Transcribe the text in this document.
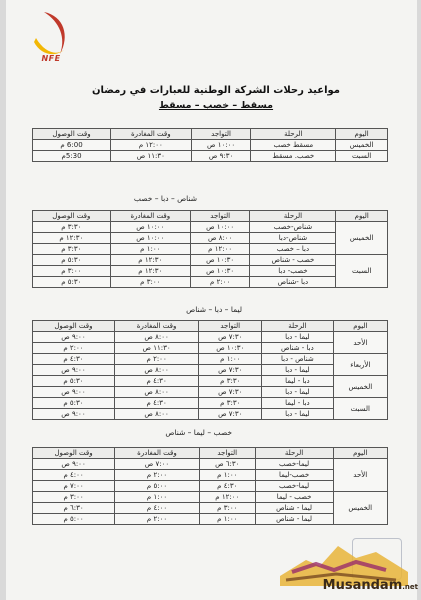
NFE
مواعيد رحلات الشركة الوطنية للعبارات في رمضان
مسقط – خصب – مسقط
شناص – دبا – خصب
ليما – دبا – شناص
خصب – ليما – شناص
اليوم	الرحلة	التواجد	وقت المغادرة	وقت الوصول
الخميس	مسقط خصب	١٠:٠٠ ص	١٢:٠٠ م	6:00 م
السبت	خصب. مسقط	٩:٣٠ ص	١١:٣٠ ص	5:30م
اليوم	الرحلة	التواجد	وقت المغادرة	وقت الوصول
الخميس	شناص-خصب	١٠:٠٠ ص	١٠:٠٠ ص	٣:٣٠ م
	شناص-دبا	٨:٠٠ ص	١٠:٠٠ ص	١٢:٣٠ م
	دبا – خصب	١٢:٠٠ م	١:٠٠ م	٣:٣٠ م
السبت	خصب - شناص	١٠:٣٠ ص	١٢:٣٠ م	٥:٣٠ م
	خصب- دبا	١٠:٣٠ ص	١٢:٣٠ م	٣:٠٠ م
	دبا -شناص	٢:٠٠ م	٣:٠٠ م	٥:٣٠ م
اليوم	الرحلة	التواجد	وقت المغادرة	وقت الوصول
الأحد	ليما - دبا	٧:٣٠ ص	٨:٠٠ ص	٩:٠٠ ص
	دبا - شناص	١٠:٣٠ ص	١١:٣٠ ص	٢:٠٠ م
الأربعاء	شناص - دبا	١:٠٠ م	٢:٠٠ م	٤:٣٠ م
	ليما - دبا	٧:٣٠ ص	٨:٠٠ ص	٩:٠٠ ص
الخميس	دبا - ليما	٣:٣٠ م	٤:٣٠ م	٥:٣٠ م
	ليما - دبا	٧:٣٠ ص	٨:٠٠ ص	٩:٠٠ ص
السبت	دبا - ليما	٣:٣٠ م	٤:٣٠ م	٥:٣٠ م
	ليما - دبا	٧:٣٠ ص	٨:٠٠ ص	٩:٠٠ ص
اليوم	الرحلة	التواجد	وقت المغادرة	وقت الوصول
الأحد	ليما-خصب	٦:٣٠ ص	٧:٠٠ ص	٩:٠٠ ص
	خصب-ليما	١:٠٠ م	٢:٠٠ م	٤:٠٠ م
	ليما-خصب	٤:٣٠ م	٥:٠٠ م	٧:٠٠ م
الخميس	خصب - ليما	١٢:٠٠ م	١:٠٠ م	٣:٠٠ م
	ليما - شناص	٣:٠٠ م	٤:٠٠ م	٦:٣٠ م
	ليما - شناص	١:٠٠ م	٢:٠٠ م	٥:٠٠ م
Musandam.net
